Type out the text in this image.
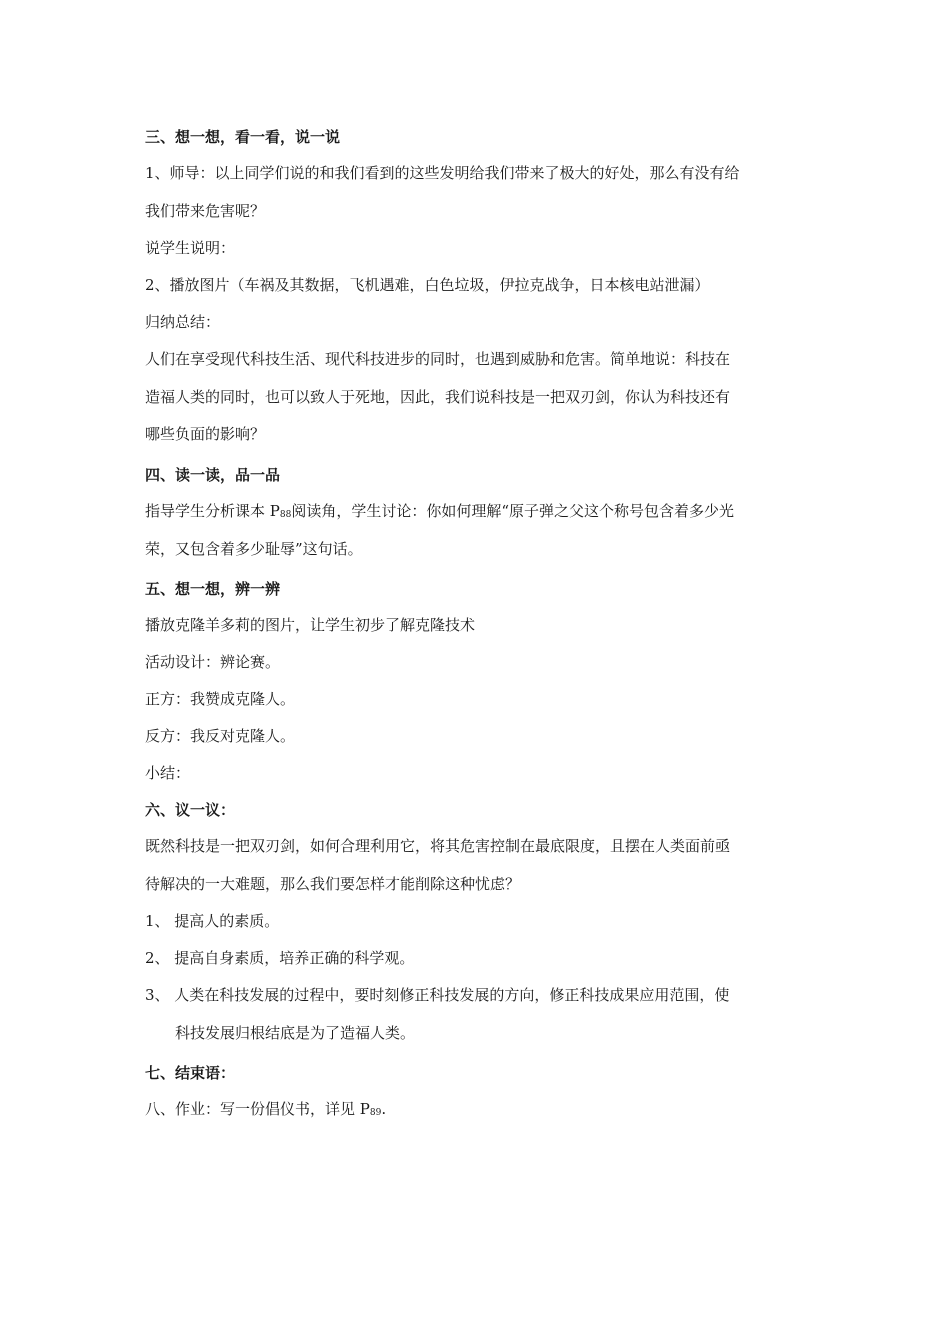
三、想一想，看一看，说一说
1、师导：以上同学们说的和我们看到的这些发明给我们带来了极大的好处，那么有没有给
我们带来危害呢？
说学生说明：
2、播放图片（车祸及其数据，飞机遇难，白色垃圾，伊拉克战争，日本核电站泄漏）
归纳总结：
人们在享受现代科技生活、现代科技进步的同时，也遇到威胁和危害。简单地说：科技在
造福人类的同时，也可以致人于死地，因此，我们说科技是一把双刃剑，你认为科技还有
哪些负面的影响？
四、读一读，品一品
指导学生分析课本 P88阅读角，学生讨论：你如何理解“原子弹之父这个称号包含着多少光
荣，又包含着多少耻辱”这句话。
五、想一想，辨一辨
播放克隆羊多莉的图片，让学生初步了解克隆技术
活动设计：辨论赛。
正方：我赞成克隆人。
反方：我反对克隆人。
小结：
六、议一议：
既然科技是一把双刃剑，如何合理利用它，将其危害控制在最底限度，且摆在人类面前亟
待解决的一大难题，那么我们要怎样才能削除这种忧虑？
1、 提高人的素质。
2、 提高自身素质，培养正确的科学观。
3、 人类在科技发展的过程中，要时刻修正科技发展的方向，修正科技成果应用范围，使
科技发展归根结底是为了造福人类。
七、结束语：
八、作业：写一份倡仪书，详见 P89.
